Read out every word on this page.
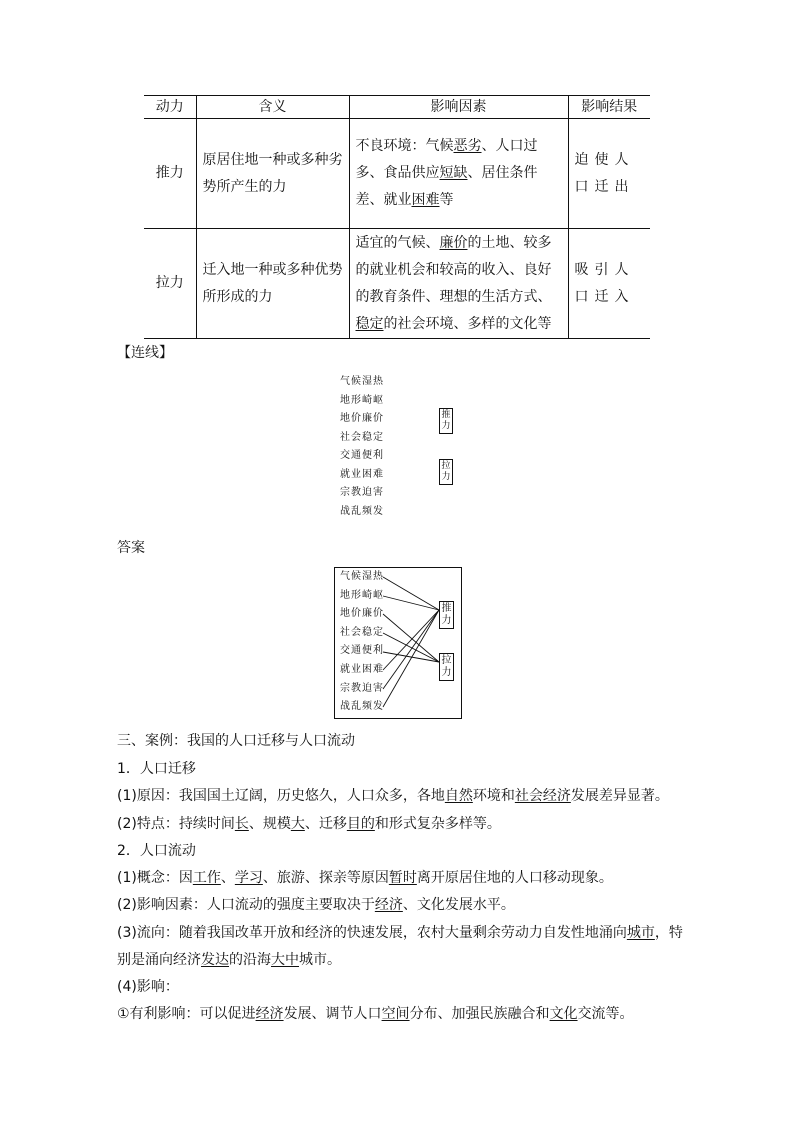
动力	含义	影响因素	影响结果
推力	原居住地一种或多种劣势所产生的力	不良环境：气候恶劣、人口过多、食品供应短缺、居住条件差、就业困难等	迫使人口迁出
拉力	迁入地一种或多种优势所形成的力	适宜的气候、廉价的土地、较多的就业机会和较高的收入、良好的教育条件、理想的生活方式、稳定的社会环境、多样的文化等	吸引人口迁入
【连线】
气候湿热
地形崎岖
地价廉价
社会稳定
交通便利
就业困难
宗教迫害
战乱频发
推力
拉力
答案
气候湿热
地形崎岖
地价廉价
社会稳定
交通便利
就业困难
宗教迫害
战乱频发
推力
拉力
三、案例：我国的人口迁移与人口流动
1．人口迁移
(1)原因：我国国土辽阔，历史悠久，人口众多，各地自然环境和社会经济发展差异显著。
(2)特点：持续时间长、规模大、迁移目的和形式复杂多样等。
2．人口流动
(1)概念：因工作、学习、旅游、探亲等原因暂时离开原居住地的人口移动现象。
(2)影响因素：人口流动的强度主要取决于经济、文化发展水平。
(3)流向：随着我国改革开放和经济的快速发展，农村大量剩余劳动力自发性地涌向城市，特
别是涌向经济发达的沿海大中城市。
(4)影响：
①有利影响：可以促进经济发展、调节人口空间分布、加强民族融合和文化交流等。
